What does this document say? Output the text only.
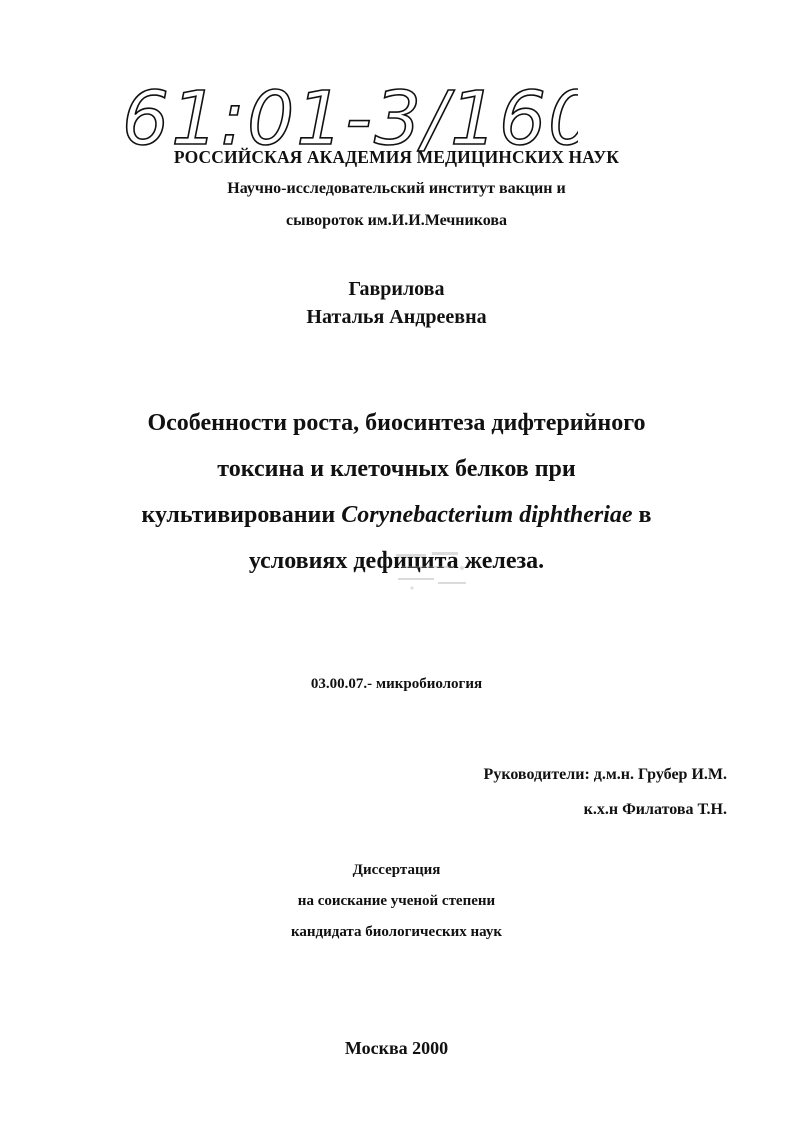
61:01-3/16

РОССИЙСКАЯ АКАДЕМИЯ МЕДИЦИНСКИХ НАУК

Научно-исследовательский институт вакцин и

сывороток им.И.И.Мечникова

Гаврилова

Наталья Андреевна

Особенности роста, биосинтеза дифтерийного

токсина и клеточных белков при

культивировании Corynebacterium diphtheriae в

условиях дефицита железа.

03.00.07.- микробиология

Руководители: д.м.н. Грубер И.М.

к.х.н Филатова Т.Н.

Диссертация

на соискание ученой степени

кандидата биологических наук

Москва 2000
